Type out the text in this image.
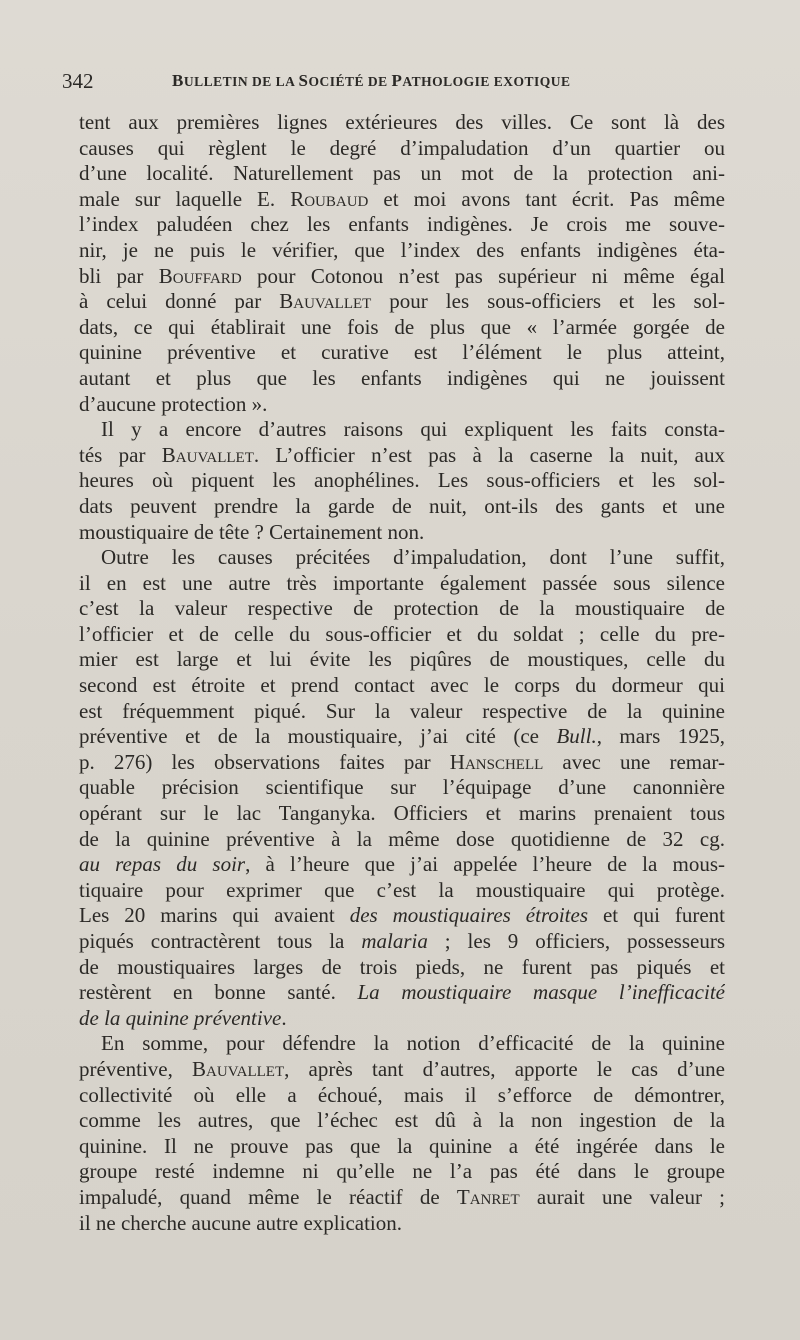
342	BULLETIN DE LA SOCIÉTÉ DE PATHOLOGIE EXOTIQUE
tent aux premières lignes extérieures des villes. Ce sont là des
causes qui règlent le degré d’impaludation d’un quartier ou
d’une localité. Naturellement pas un mot de la protection ani-
male sur laquelle E. Roubaud et moi avons tant écrit. Pas même
l’index paludéen chez les enfants indigènes. Je crois me souve-
nir, je ne puis le vérifier, que l’index des enfants indigènes éta-
bli par Bouffard pour Cotonou n’est pas supérieur ni même égal
à celui donné par Bauvallet pour les sous-officiers et les sol-
dats, ce qui établirait une fois de plus que « l’armée gorgée de
quinine préventive et curative est l’élément le plus atteint,
autant et plus que les enfants indigènes qui ne jouissent
d’aucune protection ».
Il y a encore d’autres raisons qui expliquent les faits consta-
tés par Bauvallet. L’officier n’est pas à la caserne la nuit, aux
heures où piquent les anophélines. Les sous-officiers et les sol-
dats peuvent prendre la garde de nuit, ont-ils des gants et une
moustiquaire de tête ? Certainement non.
Outre les causes précitées d’impaludation, dont l’une suffit,
il en est une autre très importante également passée sous silence
c’est la valeur respective de protection de la moustiquaire de
l’officier et de celle du sous-officier et du soldat ; celle du pre-
mier est large et lui évite les piqûres de moustiques, celle du
second est étroite et prend contact avec le corps du dormeur qui
est fréquemment piqué. Sur la valeur respective de la quinine
préventive et de la moustiquaire, j’ai cité (ce Bull., mars 1925,
p. 276) les observations faites par Hanschell avec une remar-
quable précision scientifique sur l’équipage d’une canonnière
opérant sur le lac Tanganyka. Officiers et marins prenaient tous
de la quinine préventive à la même dose quotidienne de 32 cg.
au repas du soir, à l’heure que j’ai appelée l’heure de la mous-
tiquaire pour exprimer que c’est la moustiquaire qui protège.
Les 20 marins qui avaient des moustiquaires étroites et qui furent
piqués contractèrent tous la malaria ; les 9 officiers, possesseurs
de moustiquaires larges de trois pieds, ne furent pas piqués et
restèrent en bonne santé. La moustiquaire masque l’inefficacité
de la quinine préventive.
En somme, pour défendre la notion d’efficacité de la quinine
préventive, Bauvallet, après tant d’autres, apporte le cas d’une
collectivité où elle a échoué, mais il s’efforce de démontrer,
comme les autres, que l’échec est dû à la non ingestion de la
quinine. Il ne prouve pas que la quinine a été ingérée dans le
groupe resté indemne ni qu’elle ne l’a pas été dans le groupe
impaludé, quand même le réactif de Tanret aurait une valeur ;
il ne cherche aucune autre explication.
